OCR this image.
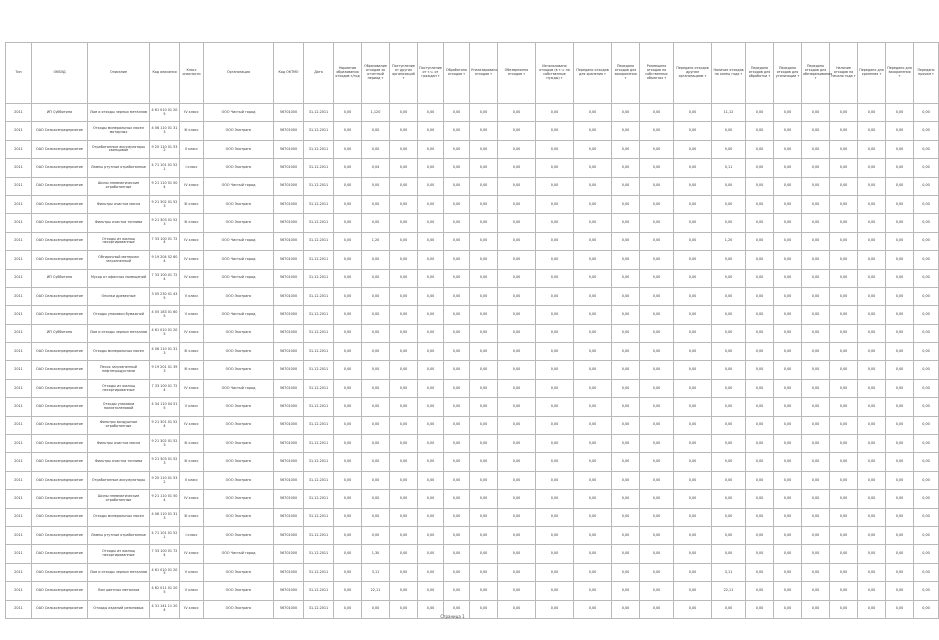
Тип	ОКВЭД	Описание	Код описания	Класс опасности	Организация	Код ОКТМО	Дата	Норматив образования отходов т/год	Образование отходов за отчетный период т	Поступление от других организаций т	Поступление от т.ч. от граждан т	Обработано отходов т	Утилизировано отходов т	Обезврежено отходов т	Использовано отходов (в т.ч. на собственные нужды) т	Передано отходов для хранения т	Передано отходов для захоронения т	Размещено отходов на собственных объектах т	Передано отходов другим организациям т	Наличие отходов на конец года т	Передано отходов для обработки т	Передано отходов для утилизации т	Передано отходов для обезвреживания т	Наличие отходов на начало года т	Передано для хранения т	Передано для захоронения т	Передано прочим т
2011	ИП Субботина	Лом и отходы черных металлов	4 61 010 01 20 5	IV класс	ООО Чистый город	56701000	31.12.2011	0,00	1,120	0,00	0,00	0,00	0,00	0,00	0,00	0,00	0,00	0,00	0,00	11,12	0,00	0,00	0,00	0,00	0,00	0,00	0,00
2011	ОАО Сельхозпредприятие	Отходы минеральных масел моторных	4 06 110 01 31 3	III класс	ООО Экотранс	56701000	31.12.2011	0,00	0,00	0,00	0,00	0,00	0,00	0,00	0,00	0,00	0,00	0,00	0,00	0,00	0,00	0,00	0,00	0,00	0,00	0,00	0,00
2011	ОАО Сельхозпредприятие	Отработанные аккумуляторы свинцовые	9 20 110 01 53 2	II класс	ООО Экотранс	56701000	31.12.2011	0,00	0,00	0,00	0,00	0,00	0,00	0,00	0,00	0,00	0,00	0,00	0,00	0,00	0,00	0,00	0,00	0,00	0,00	0,00	0,00
2011	ОАО Сельхозпредприятие	Лампы ртутные отработанные	4 71 101 01 52 1	I класс	ООО Экотранс	56701000	31.12.2011	0,00	0,04	0,00	0,00	0,00	0,00	0,00	0,00	0,00	0,00	0,00	0,00	0,11	0,00	0,00	0,00	0,00	0,00	0,00	0,00
2011	ОАО Сельхозпредприятие	Шины пневматические отработанные	9 21 110 01 50 4	IV класс	ООО Чистый город	56701000	31.12.2011	0,00	0,00	0,00	0,00	0,00	0,00	0,00	0,00	0,00	0,00	0,00	0,00	0,00	0,00	0,00	0,00	0,00	0,00	0,00	0,00
2011	ОАО Сельхозпредприятие	Фильтры очистки масла	9 21 302 01 52 3	III класс	ООО Экотранс	56701000	31.12.2011	0,00	0,00	0,00	0,00	0,00	0,00	0,00	0,00	0,00	0,00	0,00	0,00	0,00	0,00	0,00	0,00	0,00	0,00	0,00	0,00
2011	ОАО Сельхозпредприятие	Фильтры очистки топлива	9 21 303 01 52 3	III класс	ООО Экотранс	56701000	31.12.2011	0,00	0,00	0,00	0,00	0,00	0,00	0,00	0,00	0,00	0,00	0,00	0,00	0,00	0,00	0,00	0,00	0,00	0,00	0,00	0,00
2011	ОАО Сельхозпредприятие	Отходы из жилищ несортированные	7 33 100 01 72 4	IV класс	ООО Чистый город	56701000	31.12.2011	0,00	1,20	0,00	0,00	0,00	0,00	0,00	0,00	0,00	0,00	0,00	0,00	1,20	0,00	0,00	0,00	0,00	0,00	0,00	0,00
2011	ОАО Сельхозпредприятие	Обтирочный материал загрязненный	9 19 204 02 60 4	IV класс	ООО Чистый город	56701000	31.12.2011	0,00	0,00	0,00	0,00	0,00	0,00	0,00	0,00	0,00	0,00	0,00	0,00	0,00	0,00	0,00	0,00	0,00	0,00	0,00	0,00
2011	ИП Субботина	Мусор от офисных помещений	7 33 100 01 72 4	IV класс	ООО Чистый город	56701000	31.12.2011	0,00	0,00	0,00	0,00	0,00	0,00	0,00	0,00	0,00	0,00	0,00	0,00	0,00	0,00	0,00	0,00	0,00	0,00	0,00	0,00
2011	ОАО Сельхозпредприятие	Опилки древесные	3 05 230 01 43 5	V класс	ООО Экотранс	56701000	31.12.2011	0,00	0,00	0,00	0,00	0,00	0,00	0,00	0,00	0,00	0,00	0,00	0,00	0,00	0,00	0,00	0,00	0,00	0,00	0,00	0,00
2011	ОАО Сельхозпредприятие	Отходы упаковки бумажной	4 05 183 01 60 5	V класс	ООО Чистый город	56701000	31.12.2011	0,00	0,00	0,00	0,00	0,00	0,00	0,00	0,00	0,00	0,00	0,00	0,00	0,00	0,00	0,00	0,00	0,00	0,00	0,00	0,00
2011	ИП Субботина	Лом и отходы черных металлов	4 61 010 01 20 5	IV класс	ООО Экотранс	56701000	31.12.2011	0,00	0,00	0,00	0,00	0,00	0,00	0,00	0,00	0,00	0,00	0,00	0,00	0,00	0,00	0,00	0,00	0,00	0,00	0,00	0,00
2011	ОАО Сельхозпредприятие	Отходы минеральных масел	4 06 110 01 31 3	III класс	ООО Экотранс	56701000	31.12.2011	0,00	0,00	0,00	0,00	0,00	0,00	0,00	0,00	0,00	0,00	0,00	0,00	0,00	0,00	0,00	0,00	0,00	0,00	0,00	0,00
2011	ОАО Сельхозпредприятие	Песок загрязненный нефтепродуктами	9 19 201 01 39 3	III класс	ООО Экотранс	56701000	31.12.2011	0,00	0,00	0,00	0,00	0,00	0,00	0,00	0,00	0,00	0,00	0,00	0,00	0,00	0,00	0,00	0,00	0,00	0,00	0,00	0,00
2011	ОАО Сельхозпредприятие	Отходы из жилищ несортированные	7 33 100 01 72 4	IV класс	ООО Чистый город	56701000	31.12.2011	0,00	0,00	0,00	0,00	0,00	0,00	0,00	0,00	0,00	0,00	0,00	0,00	0,00	0,00	0,00	0,00	0,00	0,00	0,00	0,00
2011	ОАО Сельхозпредприятие	Отходы упаковки полиэтиленовой	4 34 110 04 51 5	V класс	ООО Экотранс	56701000	31.12.2011	0,00	0,00	0,00	0,00	0,00	0,00	0,00	0,00	0,00	0,00	0,00	0,00	0,00	0,00	0,00	0,00	0,00	0,00	0,00	0,00
2011	ОАО Сельхозпредприятие	Фильтры воздушные отработанные	9 21 301 01 52 4	IV класс	ООО Экотранс	56701000	31.12.2011	0,00	0,00	0,00	0,00	0,00	0,00	0,00	0,00	0,00	0,00	0,00	0,00	0,00	0,00	0,00	0,00	0,00	0,00	0,00	0,00
2011	ОАО Сельхозпредприятие	Фильтры очистки масла	9 21 302 01 52 3	III класс	ООО Экотранс	56701000	31.12.2011	0,00	0,00	0,00	0,00	0,00	0,00	0,00	0,00	0,00	0,00	0,00	0,00	0,00	0,00	0,00	0,00	0,00	0,00	0,00	0,00
2011	ОАО Сельхозпредприятие	Фильтры очистки топлива	9 21 303 01 52 3	III класс	ООО Экотранс	56701000	31.12.2011	0,00	0,00	0,00	0,00	0,00	0,00	0,00	0,00	0,00	0,00	0,00	0,00	0,00	0,00	0,00	0,00	0,00	0,00	0,00	0,00
2011	ОАО Сельхозпредприятие	Отработанные аккумуляторы	9 20 110 01 53 2	II класс	ООО Экотранс	56701000	31.12.2011	0,00	0,00	0,00	0,00	0,00	0,00	0,00	0,00	0,00	0,00	0,00	0,00	0,00	0,00	0,00	0,00	0,00	0,00	0,00	0,00
2011	ОАО Сельхозпредприятие	Шины пневматические отработанные	9 21 110 01 50 4	IV класс	ООО Экотранс	56701000	31.12.2011	0,00	0,00	0,00	0,00	0,00	0,00	0,00	0,00	0,00	0,00	0,00	0,00	0,00	0,00	0,00	0,00	0,00	0,00	0,00	0,00
2011	ОАО Сельхозпредприятие	Отходы минеральных масел	4 06 110 01 31 3	III класс	ООО Экотранс	56701000	31.12.2011	0,00	0,00	0,00	0,00	0,00	0,00	0,00	0,00	0,00	0,00	0,00	0,00	0,00	0,00	0,00	0,00	0,00	0,00	0,00	0,00
2011	ОАО Сельхозпредприятие	Лампы ртутные отработанные	4 71 101 01 52 1	I класс	ООО Экотранс	56701000	31.12.2011	0,00	0,00	0,00	0,00	0,00	0,00	0,00	0,00	0,00	0,00	0,00	0,00	0,00	0,00	0,00	0,00	0,00	0,00	0,00	0,00
2011	ОАО Сельхозпредприятие	Отходы из жилищ несортированные	7 33 100 01 72 4	IV класс	ООО Чистый город	56701000	31.12.2011	0,00	1,30	0,00	0,00	0,00	0,00	0,00	0,00	0,00	0,00	0,00	0,00	0,00	0,00	0,00	0,00	0,00	0,00	0,00	0,00
2011	ОАО Сельхозпредприятие	Лом и отходы черных металлов	4 61 010 01 20 5	V класс	ООО Экотранс	56701000	31.12.2011	0,00	3,11	0,00	0,00	0,00	0,00	0,00	0,00	0,00	0,00	0,00	0,00	3,11	0,00	0,00	0,00	0,00	0,00	0,00	0,00
2011	ОАО Сельхозпредприятие	Лом цветных металлов	4 62 011 01 20 5	V класс	ООО Экотранс	56701000	31.12.2011	0,00	22,11	0,00	0,00	0,00	0,00	0,00	0,00	0,00	0,00	0,00	0,00	22,11	0,00	0,00	0,00	0,00	0,00	0,00	0,00
2011	ОАО Сельхозпредприятие	Отходы изделий резиновых	4 31 141 11 20 4	IV класс	ООО Экотранс	56701000	31.12.2011	0,00	0,00	0,00	0,00	0,00	0,00	0,00	0,00	0,00	0,00	0,00	0,00	0,00	0,00	0,00	0,00	0,00	0,00	0,00	0,00
Страница 1
